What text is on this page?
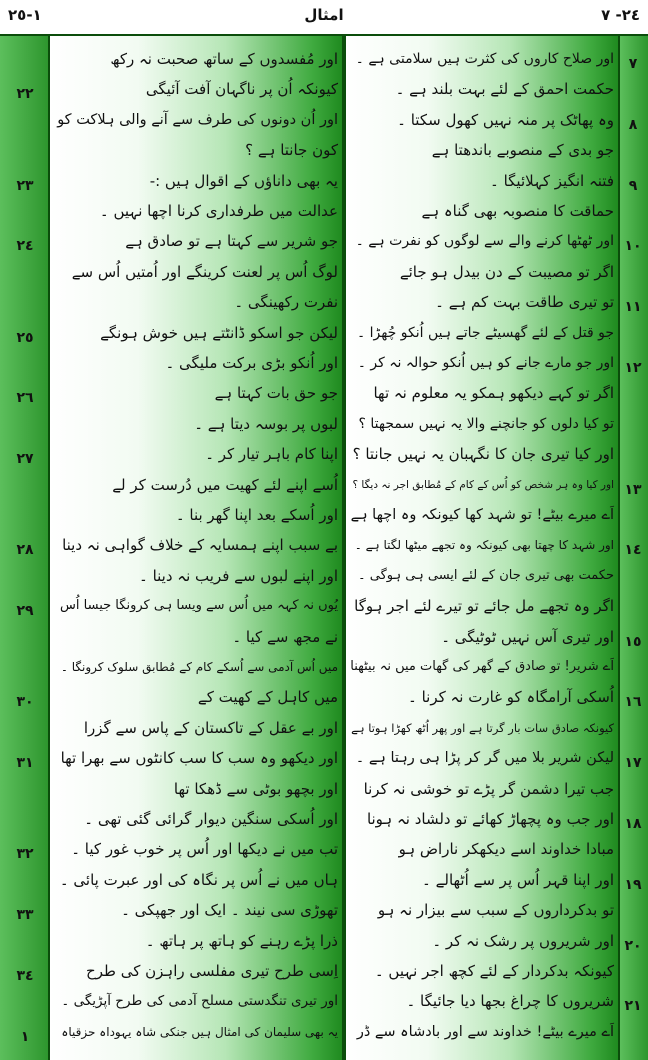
١-٢٥	امثال	٢٤- ٧
اور صلاح کاروں کی کثرت ہیں سلامتی ہے ۔	٧
حکمت احمق کے لئے بہت بلند ہے ۔
وہ پھاٹک پر منہ نہیں کھول سکتا ۔	٨
جو بدی کے منصوبے باندھتا ہے
فتنہ انگیز کہلائیگا ۔	٩
حماقت کا منصوبہ بھی گناہ ہے
اور ٹھٹھا کرنے والے سے لوگوں کو نفرت ہے ۔ ١٠
اگر تو مصیبت کے دن بیدل ہو جائے
تو تیری طاقت بہت کم ہے ۔ ١١
جو قتل کے لئے گھسیٹے جاتے ہیں اُنکو چُھڑا ۔
اور جو مارے جانے کو ہیں اُنکو حوالہ نہ کر ۔ ١٢
اگر تو کہے دیکھو ہمکو یہ معلوم نہ تھا
تو کیا دلوں کو جانچنے والا یہ نہیں سمجھتا ؟
اور کیا تیری جان کا نگہبان یہ نہیں جانتا ؟
اور کیا وہ ہر شخص کو اُس کے کام کے مُطابق اجر نہ دیگا ؟ ١٣
اَے میرے بیٹے! تو شہد کھا کیونکہ وہ اچھا ہے
اور شہد کا چھتا بھی کیونکہ وہ تجھے میٹھا لگتا ہے ۔ ١٤
حکمت بھی تیری جان کے لئے ایسی ہی ہوگی ۔
اگر وہ تجھے مل جائے تو تیرے لئے اجر ہوگا
اور تیری آس نہیں ٹوٹیگی ۔ ١٥
اَے شریر! تو صادق کے گھر کی گھات میں نہ بیٹھنا
اُسکی آرامگاہ کو غارت نہ کرنا ۔ ١٦
کیونکہ صادق سات بار گرتا ہے اور پھر اُٹھ کھڑا ہوتا ہے
لیکن شریر بلا میں گر کر پڑا ہی رہتا ہے ۔ ١٧
جب تیرا دشمن گر پڑے تو خوشی نہ کرنا
اور جب وہ پچھاڑ کھائے تو دلشاد نہ ہونا ١٨
مبادا خداوند اسے دیکھکر ناراض ہو
اور اپنا قہر اُس پر سے اُٹھالے ۔ ١٩
تو بدکرداروں کے سبب سے بیزار نہ ہو
اور شریروں پر رشک نہ کر ۔ ٢٠
کیونکہ بدکردار کے لئے کچھ اجر نہیں ۔
شریروں کا چراغ بجھا دیا جائیگا ۔ ٢١
اَے میرے بیٹے! خداوند سے اور بادشاہ سے ڈر
اور مُفسدوں کے ساتھ صحبت نہ رکھ
کیونکہ اُن پر ناگہان آفت آئیگی
٢٢
اور اُن دونوں کی طرف سے آنے والی ہلاکت کو
کون جانتا ہے ؟
یہ بھی داناؤں کے اقوال ہیں :-
٢٣
عدالت میں طرفداری کرنا اچھا نہیں ۔
جو شریر سے کہتا ہے تو صادق ہے
٢٤
لوگ اُس پر لعنت کرینگے اور اُمتیں اُس سے
نفرت رکھینگی ۔
لیکن جو اسکو ڈانٹتے ہیں خوش ہونگے
٢٥
اور اُنکو بڑی برکت ملیگی ۔
جو حق بات کہتا ہے
٢٦
لبوں پر بوسہ دیتا ہے ۔
اپنا کام باہر تیار کر ۔
٢٧
اُسے اپنے لئے کھیت میں دُرست کر لے
اور اُسکے بعد اپنا گھر بنا ۔
بے سبب اپنے ہمسایہ کے خلاف گواہی نہ دینا
٢٨
اور اپنے لبوں سے فریب نہ دینا ۔
یُوں نہ کہہ میں اُس سے ویسا ہی کرونگا جیسا اُس
٢٩
نے مجھ سے کیا ۔
میں اُس آدمی سے اُسکے کام کے مُطابق سلوک کرونگا ۔
میں کاہل کے کھیت کے
٣٠
اور بے عقل کے تاکستان کے پاس سے گزرا
اور دیکھو وہ سب کا سب کانٹوں سے بھرا تھا
٣١
اور بچھو بوٹی سے ڈھکا تھا
اور اُسکی سنگین دیوار گرائی گئی تھی ۔
تب میں نے دیکھا اور اُس پر خوب غور کیا ۔
٣٢
ہاں میں نے اُس پر نگاہ کی اور عبرت پائی ۔
تھوڑی سی نیند ۔ ایک اور جھپکی ۔
٣٣
ذرا پڑے رہنے کو ہاتھ پر ہاتھ ۔
اِسی طرح تیری مفلسی راہزن کی طرح
٣٤
اور تیری تنگدستی مسلح آدمی کی طرح آپڑیگی ۔
یہ بھی سلیمان کی امثال ہیں جنکی شاہ یہوداہ حزقیاہ
١
